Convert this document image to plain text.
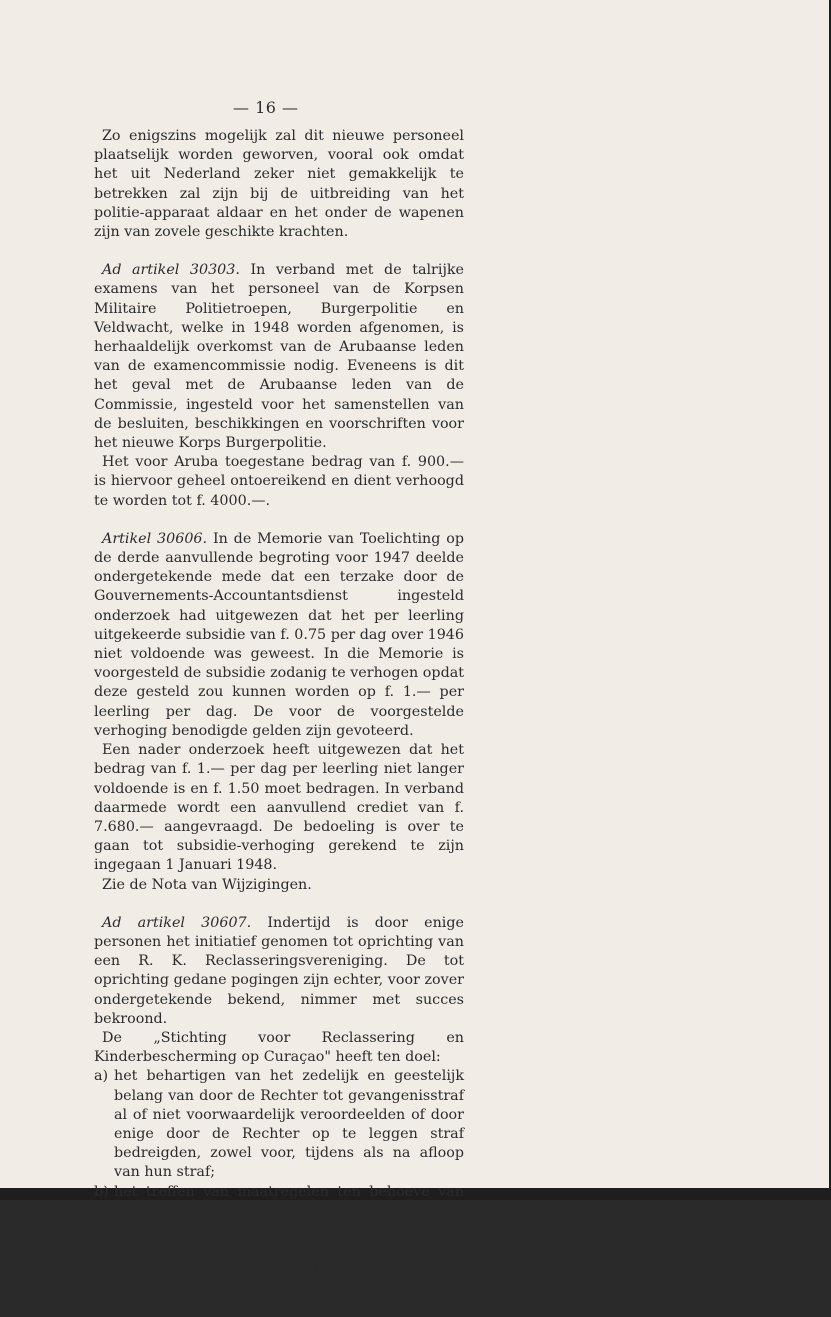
— 16 —

Zo enigszins mogelijk zal dit nieuwe personeel plaatselijk worden geworven, vooral ook omdat het uit Nederland zeker niet gemakkelijk te betrekken zal zijn bij de uitbreiding van het politie-apparaat aldaar en het onder de wapenen zijn van zovele geschikte krachten.

Ad artikel 30303. In verband met de talrijke examens van het personeel van de Korpsen Militaire Politietroepen, Burgerpolitie en Veldwacht, welke in 1948 worden afgenomen, is herhaaldelijk overkomst van de Arubaanse leden van de examencommissie nodig. Eveneens is dit het geval met de Arubaanse leden van de Commissie, ingesteld voor het samenstellen van de besluiten, beschikkingen en voorschriften voor het nieuwe Korps Burgerpolitie.

Het voor Aruba toegestane bedrag van f. 900.— is hiervoor geheel ontoereikend en dient verhoogd te worden tot f. 4000.—.

Artikel 30606. In de Memorie van Toelichting op de derde aanvullende begroting voor 1947 deelde ondergetekende mede dat een terzake door de Gouvernements-Accountantsdienst ingesteld onderzoek had uitgewezen dat het per leerling uitgekeerde subsidie van f. 0.75 per dag over 1946 niet voldoende was geweest. In die Memorie is voorgesteld de subsidie zodanig te verhogen opdat deze gesteld zou kunnen worden op f. 1.— per leerling per dag. De voor de voorgestelde verhoging benodigde gelden zijn gevoteerd.

Een nader onderzoek heeft uitgewezen dat het bedrag van f. 1.— per dag per leerling niet langer voldoende is en f. 1.50 moet bedragen. In verband daarmede wordt een aanvullend crediet van f. 7.680.— aangevraagd. De bedoeling is over te gaan tot subsidie-verhoging gerekend te zijn ingegaan 1 Januari 1948.

Zie de Nota van Wijzigingen.

Ad artikel 30607. Indertijd is door enige personen het initiatief genomen tot oprichting van een R. K. Reclasseringsvereniging. De tot oprichting gedane pogingen zijn echter, voor zover ondergetekende bekend, nimmer met succes bekroond.

De „Stichting voor Reclassering en Kinderbescherming op Curaçao" heeft ten doel:

a) het behartigen van het zedelijk en geestelijk belang van door de Rechter tot gevangenisstraf al of niet voorwaardelijk veroordeelden of door enige door de Rechter op te leggen straf bedreigden, zowel voor, tijdens als na afloop van hun straf;
b) het treffen van maatregelen ten behoeve van minderjarigen, die met zedelijke en/of lichamelijke ondergang worden bedreigd.

De inkomsten bedroegen f. 1500.—.

De uitgaven bedroegen f. 1916.94.

Voor de voortzetting en aanstelling ambtenaar voor
